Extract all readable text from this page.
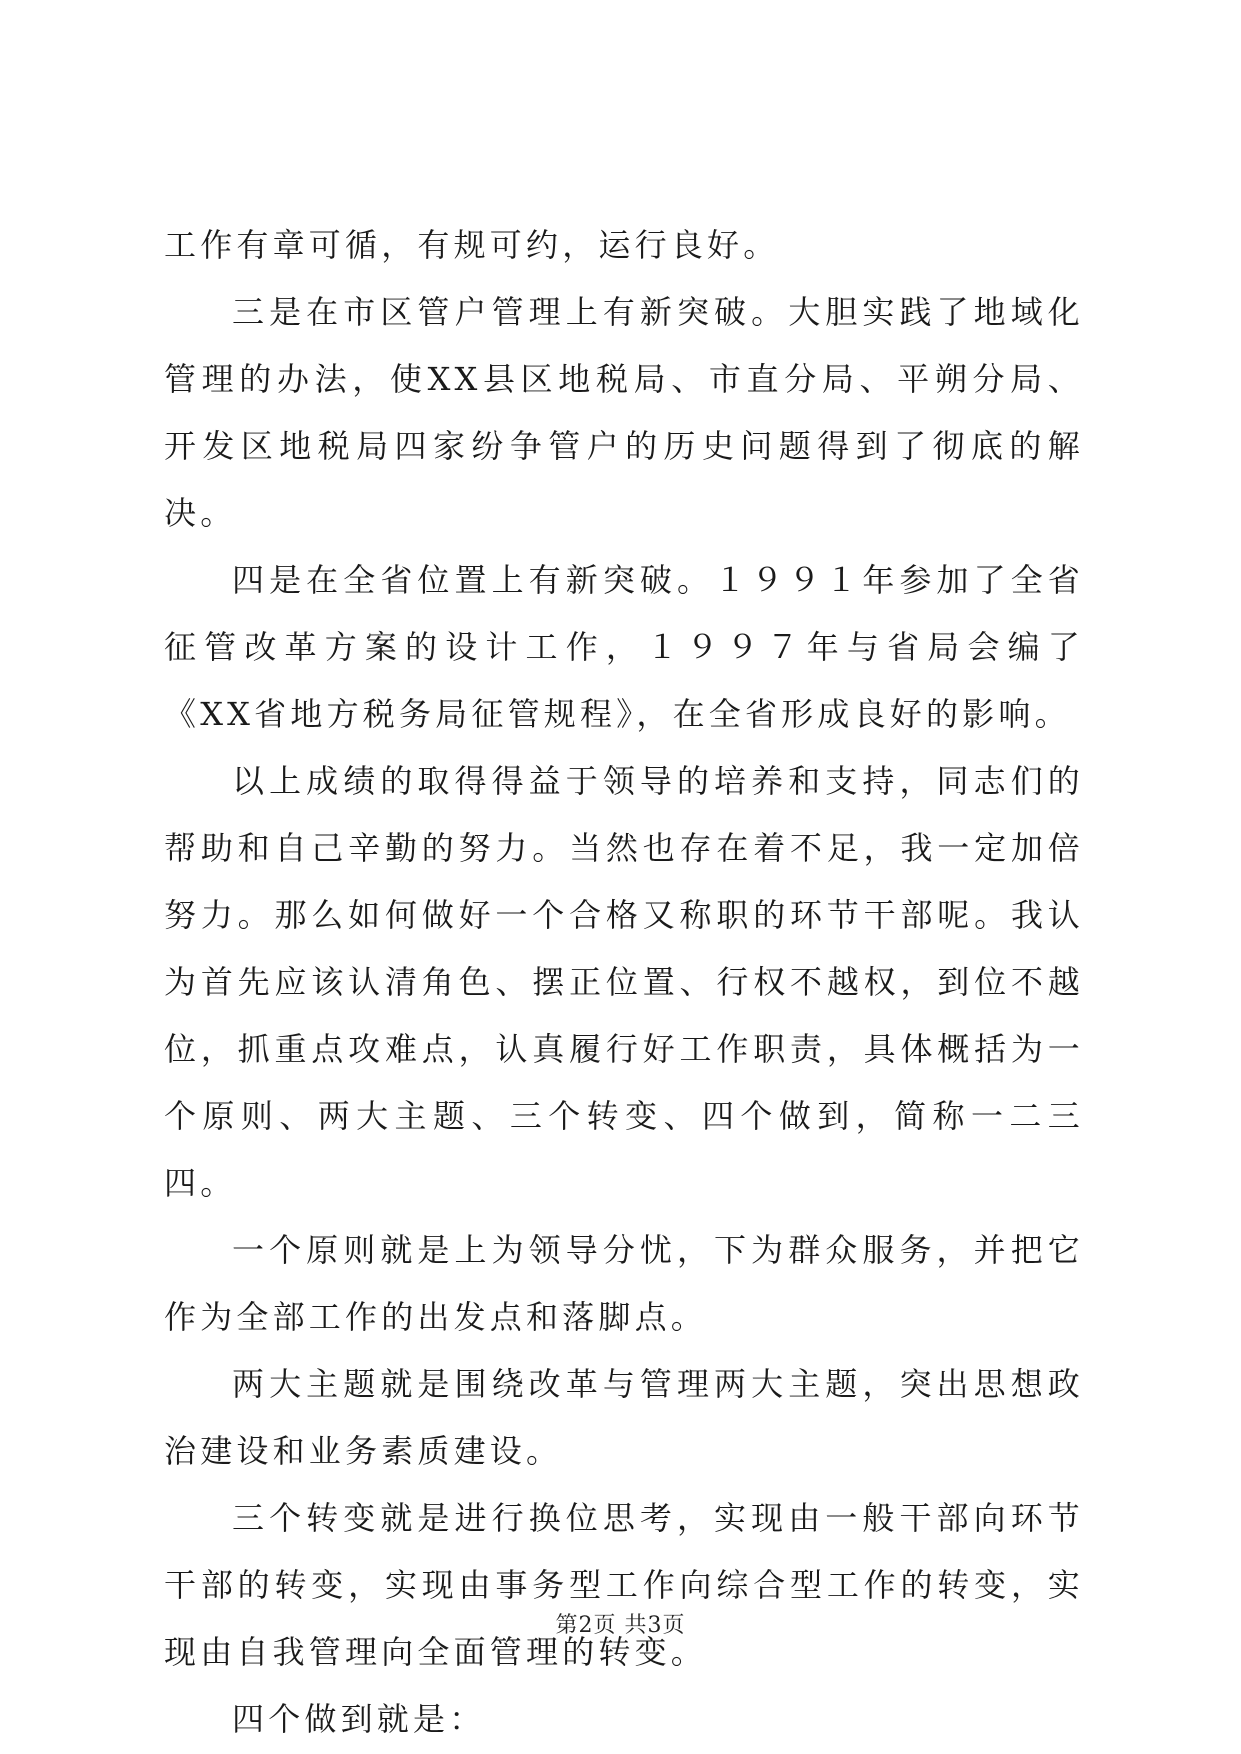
工作有章可循，有规可约，运行良好。

三是在市区管户管理上有新突破。大胆实践了地域化管理的办法，使XX县区地税局、市直分局、平朔分局、开发区地税局四家纷争管户的历史问题得到了彻底的解决。

四是在全省位置上有新突破。１９９１年参加了全省征管改革方案的设计工作，１９９７年与省局会编了《XX省地方税务局征管规程》，在全省形成良好的影响。

以上成绩的取得得益于领导的培养和支持，同志们的帮助和自己辛勤的努力。当然也存在着不足，我一定加倍努力。那么如何做好一个合格又称职的环节干部呢。我认为首先应该认清角色、摆正位置、行权不越权，到位不越位，抓重点攻难点，认真履行好工作职责，具体概括为一个原则、两大主题、三个转变、四个做到，简称一二三四。

一个原则就是上为领导分忧，下为群众服务，并把它作为全部工作的出发点和落脚点。

两大主题就是围绕改革与管理两大主题，突出思想政治建设和业务素质建设。

三个转变就是进行换位思考，实现由一般干部向环节干部的转变，实现由事务型工作向综合型工作的转变，实现由自我管理向全面管理的转变。

四个做到就是：

第2页 共3页
